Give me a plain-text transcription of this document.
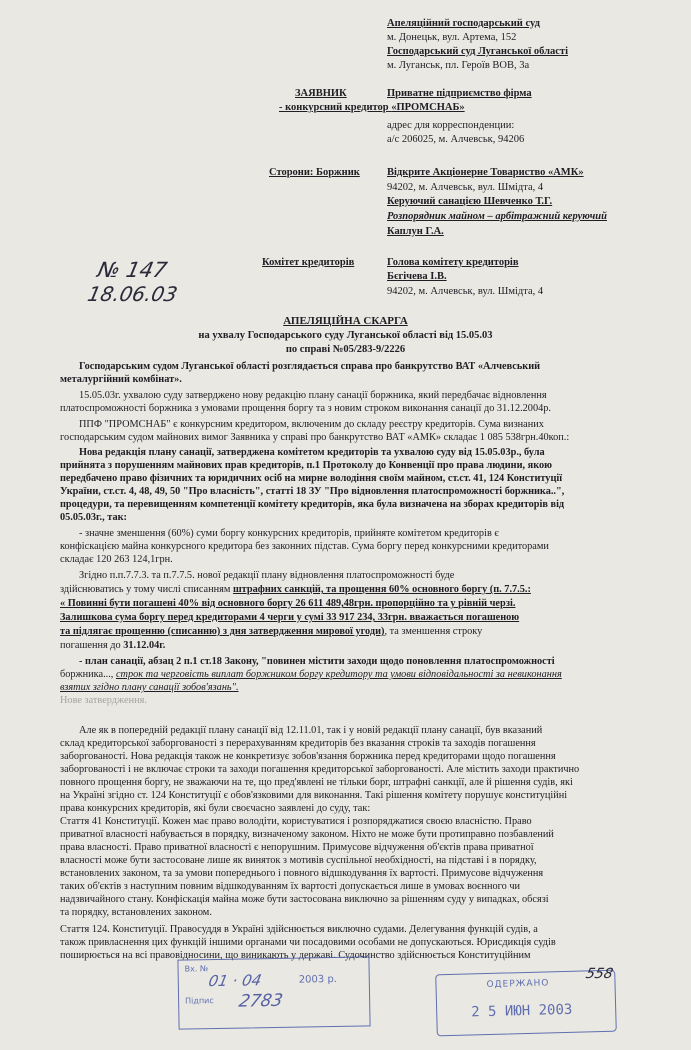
Апеляційний господарський суд
м. Донецьк, вул. Артема, 152
Господарський суд Луганської області
м. Луганськ, пл. Героїв ВОВ, 3а
ЗАЯВНИК	Приватне підприємство фірма
- конкурсний кредитор «ПРОМСНАБ»
адрес для корреспонденции:
а/с 206025, м. Алчевськ, 94206
Сторони: Боржник	Відкрите Акціонерне Товариство «АМК»
94202, м. Алчевськ, вул. Шмідта, 4
Керуючий санацією Шевченко Т.Г.
Розпорядник майном – арбітражний керуючий
Каплун Г.А.
Комітет кредиторів	Голова комітету кредиторів
Бєгічева І.В.
94202, м. Алчевськ, вул. Шмідта, 4
№ 147
18.06.03
АПЕЛЯЦІЙНА СКАРГА
на ухвалу Господарського суду Луганської області від 15.05.03
по справі №05/283-9/2226
Господарським судом Луганської області розглядається справа про банкрутство ВАТ «Алчевський
металургійний комбінат».
15.05.03г. ухвалою суду затверджено нову редакцію плану санації боржника, який передбачає відновлення
платоспроможності боржника з умовами прощення боргу та з новим строком виконання санації до 31.12.2004р.
ППФ "ПРОМСНАБ" є конкурсним кредитором, включеним до складу реєстру кредиторів. Сума визнаних
господарським судом майнових вимог Заявника у справі про банкрутство ВАТ «АМК» складає 1 085 538грн.40коп.:
Нова редакція плану санації, затверджена комітетом кредиторів та ухвалою суду від 15.05.03р., була
прийнята з порушенням майнових прав кредиторів, п.1 Протоколу до Конвенції про права людини, якою
передбачено право фізичних та юридичних осіб на мирне володіння своїм майном, ст.ст. 41, 124 Конституції
України, ст.ст. 4, 48, 49, 50 "Про власність", статті 18 ЗУ "Про відновлення платоспроможності боржника..",
процедури, та перевищенням компетенції комітету кредиторів, яка була визначена на зборах кредиторів від
05.05.03г., так:
- значне зменшення (60%) суми боргу конкурсних кредиторів, прийняте комітетом кредиторів є
конфіскацією майна конкурсного кредитора без законних підстав. Сума боргу перед конкурсними кредиторами
складає 120 263 124,1грн.
Згідно п.п.7.7.3. та п.7.7.5. нової редакції плану відновлення платоспроможності буде
здійснюватись у тому числі списанням штрафних санкцій, та прощення 60% основного боргу (п. 7.7.5.:
« Повинні бути погашені 40% від основного боргу 26 611 489,48грн. пропорційно та у рівній черзі.
Залишкова сума боргу перед кредиторами 4 черги у сумі 33 917 234, 33грн. вважається погашеною
та підлягає прощенню (списанню) з дня затвердження мирової угоди), та зменшення строку
погашення до 31.12.04г.
- план санації, абзац 2 п.1 ст.18 Закону, "повинен містити заходи щодо поновлення платоспроможності
боржника..., строк та черговість виплат боржником боргу кредитору та умови відповідальності за невиконання
взятих згідно плану санації зобов'язань".
Нове затвердження.
Але як в попередній редакції плану санації від 12.11.01, так і у новій редакції плану санації, був вказаний
склад кредиторської заборгованості з перерахуванням кредиторів без вказання строків та заходів погашення
заборгованості. Нова редакція також не конкретизує зобов'язання боржника перед кредиторами щодо погашення
заборгованості і не включає строки та заходи погашення кредиторської заборгованості. Але містить заходи практично
повного прощення боргу, не зважаючи на те, що пред'явлені не тільки борг, штрафні санкції, але й рішення судів, які
на Україні згідно ст. 124 Конституції є обов'язковими для виконання. Такі рішення комітету порушує конституційні
права конкурсних кредиторів, які були своєчасно заявлені до суду, так:
Стаття 41 Конституції. Кожен має право володіти, користуватися і розпоряджатися своєю власністю. Право
приватної власності набувається в порядку, визначеному законом. Ніхто не може бути протиправно позбавлений
права власності. Право приватної власності є непорушним. Примусове відчуження об'єктів права приватної
власності може бути застосоване лише як виняток з мотивів суспільної необхідності, на підставі і в порядку,
встановлених законом, та за умови попереднього і повного відшкодування їх вартості. Примусове відчуження
таких об'єктів з наступним повним відшкодуванням їх вартості допускається лише в умовах воєнного чи
надзвичайного стану. Конфіскація майна може бути застосована виключно за рішенням суду у випадках, обсязі
та порядку, встановлених законом.
Стаття 124. Конституції. Правосуддя в Україні здійснюється виключно судами. Делегування функцій судів, а
також привласнення цих функцій іншими органами чи посадовими особами не допускаються. Юрисдикція судів
поширюється на всі правовідносини, що виникають у державі. Судочинство здійснюється Конституційним
Вх. №
01 · 04	2003 р.
Підпис 2783
ОДЕРЖАНО
2 5 ИЮН 2003
558
